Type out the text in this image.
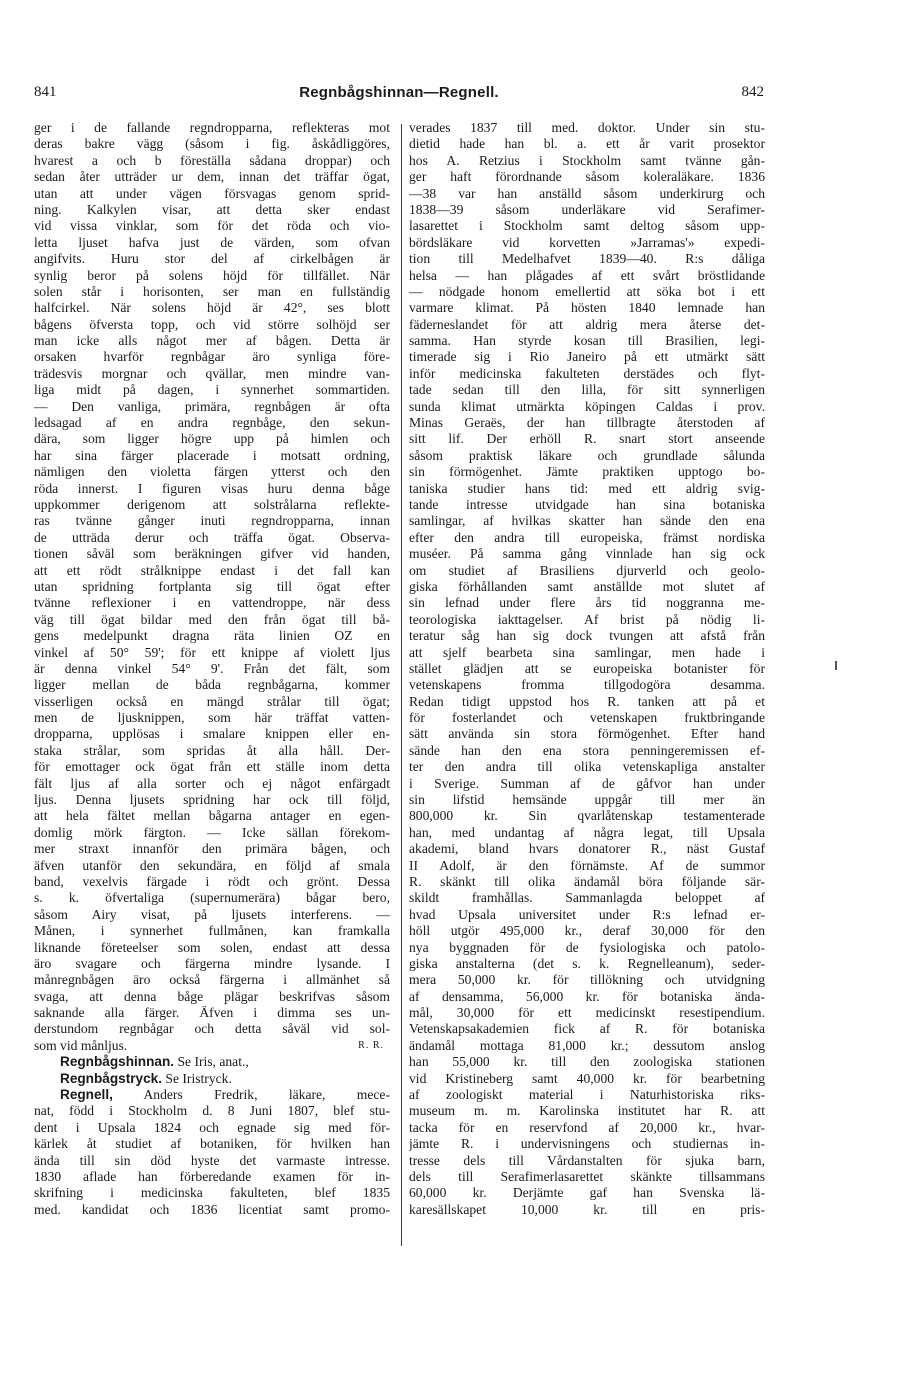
841	Regnbågshinnan—Regnell.	842
ger i de fallande regndropparna, reflekteras mot
deras bakre vägg (såsom i fig. åskådliggöres,
hvarest a och b föreställa sådana droppar) och
sedan åter utträder ur dem, innan det träffar ögat,
utan att under vägen försvagas genom sprid-
ning. Kalkylen visar, att detta sker endast
vid vissa vinklar, som för det röda och vio-
letta ljuset hafva just de värden, som ofvan
angifvits. Huru stor del af cirkelbågen är
synlig beror på solens höjd för tillfället. När
solen står i horisonten, ser man en fullständig
halfcirkel. När solens höjd är 42°, ses blott
bågens öfversta topp, och vid större solhöjd ser
man icke alls något mer af bågen. Detta är
orsaken hvarför regnbågar äro synliga före-
trädesvis morgnar och qvällar, men mindre van-
liga midt på dagen, i synnerhet sommartiden.
— Den vanliga, primära, regnbågen är ofta
ledsagad af en andra regnbåge, den sekun-
dära, som ligger högre upp på himlen och
har sina färger placerade i motsatt ordning,
nämligen den violetta färgen ytterst och den
röda innerst. I figuren visas huru denna båge
uppkommer derigenom att solstrålarna reflekte-
ras tvänne gånger inuti regndropparna, innan
de utträda derur och träffa ögat. Observa-
tionen såväl som beräkningen gifver vid handen,
att ett rödt strålknippe endast i det fall kan
utan spridning fortplanta sig till ögat efter
tvänne reflexioner i en vattendroppe, när dess
väg till ögat bildar med den från ögat till bå-
gens medelpunkt dragna räta linien OZ en
vinkel af 50° 59'; för ett knippe af violett ljus
är denna vinkel 54° 9'. Från det fält, som
ligger mellan de båda regnbågarna, kommer
visserligen också en mängd strålar till ögat;
men de ljusknippen, som här träffat vatten-
dropparna, upplösas i smalare knippen eller en-
staka strålar, som spridas åt alla håll. Der-
för emottager ock ögat från ett ställe inom detta
fält ljus af alla sorter och ej något enfärgadt
ljus. Denna ljusets spridning har ock till följd,
att hela fältet mellan bågarna antager en egen-
domlig mörk färgton. — Icke sällan förekom-
mer straxt innanför den primära bågen, och
äfven utanför den sekundära, en följd af smala
band, vexelvis färgade i rödt och grönt. Dessa
s. k. öfvertaliga (supernumerära) bågar bero,
såsom Airy visat, på ljusets interferens. —
Månen, i synnerhet fullmånen, kan framkalla
liknande företeelser som solen, endast att dessa
äro svagare och färgerna mindre lysande. I
månregnbågen äro också färgerna i allmänhet så
svaga, att denna båge plägar beskrifvas såsom
saknande alla färger. Äfven i dimma ses un-
derstundom regnbågar och detta såväl vid sol-
R. R.
som vid månljus.
Regnbågshinnan. Se Iris, anat.,
Regnbågstryck. Se Iristryck.
Regnell, Anders Fredrik, läkare, mece-
nat, född i Stockholm d. 8 Juni 1807, blef stu-
dent i Upsala 1824 och egnade sig med för-
kärlek åt studiet af botaniken, för hvilken han
ända till sin död hyste det varmaste intresse.
1830 aflade han förberedande examen för in-
skrifning i medicinska fakulteten, blef 1835
med. kandidat och 1836 licentiat samt promo-
verades 1837 till med. doktor. Under sin stu-
dietid hade han bl. a. ett år varit prosektor
hos A. Retzius i Stockholm samt tvänne gån-
ger haft förordnande såsom koleraläkare. 1836
—38 var han anställd såsom underkirurg och
1838—39 såsom underläkare vid Serafimer-
lasarettet i Stockholm samt deltog såsom upp-
bördsläkare vid korvetten »Jarramas'» expedi-
tion till Medelhafvet 1839—40. R:s dåliga
helsa — han plågades af ett svårt bröstlidande
— nödgade honom emellertid att söka bot i ett
varmare klimat. På hösten 1840 lemnade han
fäderneslandet för att aldrig mera återse det-
samma. Han styrde kosan till Brasilien, legi-
timerade sig i Rio Janeiro på ett utmärkt sätt
inför medicinska fakulteten derstädes och flyt-
tade sedan till den lilla, för sitt synnerligen
sunda klimat utmärkta köpingen Caldas i prov.
Minas Geraës, der han tillbragte återstoden af
sitt lif. Der erhöll R. snart stort anseende
såsom praktisk läkare och grundlade sålunda
sin förmögenhet. Jämte praktiken upptogo bo-
taniska studier hans tid: med ett aldrig svig-
tande intresse utvidgade han sina botaniska
samlingar, af hvilkas skatter han sände den ena
efter den andra till europeiska, främst nordiska
muséer. På samma gång vinnlade han sig ock
om studiet af Brasiliens djurverld och geolo-
giska förhållanden samt anställde mot slutet af
sin lefnad under flere års tid noggranna me-
teorologiska iakttagelser. Af brist på nödig li-
teratur såg han sig dock tvungen att afstå från
att sjelf bearbeta sina samlingar, men hade i
stället glädjen att se europeiska botanister för
vetenskapens fromma tillgodogöra desamma.
Redan tidigt uppstod hos R. tanken att på et
för fosterlandet och vetenskapen fruktbringande
sätt använda sin stora förmögenhet. Efter hand
sände han den ena stora penningeremissen ef-
ter den andra till olika vetenskapliga anstalter
i Sverige. Summan af de gåfvor han under
sin lifstid hemsände uppgår till mer än
800,000 kr. Sin qvarlåtenskap testamenterade
han, med undantag af några legat, till Upsala
akademi, bland hvars donatorer R., näst Gustaf
II Adolf, är den förnämste. Af de summor
R. skänkt till olika ändamål böra följande sär-
skildt framhållas. Sammanlagda beloppet af
hvad Upsala universitet under R:s lefnad er-
höll utgör 495,000 kr., deraf 30,000 för den
nya byggnaden för de fysiologiska och patolo-
giska anstalterna (det s. k. Regnelleanum), seder-
mera 50,000 kr. för tillökning och utvidgning
af densamma, 56,000 kr. för botaniska ända-
mål, 30,000 för ett medicinskt resestipendium.
Vetenskapsakademien fick af R. för botaniska
ändamål mottaga 81,000 kr.; dessutom anslog
han 55,000 kr. till den zoologiska stationen
vid Kristineberg samt 40,000 kr. för bearbetning
af zoologiskt material i Naturhistoriska riks-
museum m. m. Karolinska institutet har R. att
tacka för en reservfond af 20,000 kr., hvar-
jämte R. i undervisningens och studiernas in-
tresse dels till Vårdanstalten för sjuka barn,
dels till Serafimerlasarettet skänkte tillsammans
60,000 kr. Derjämte gaf han Svenska lä-
karesällskapet 10,000 kr. till en pris-
